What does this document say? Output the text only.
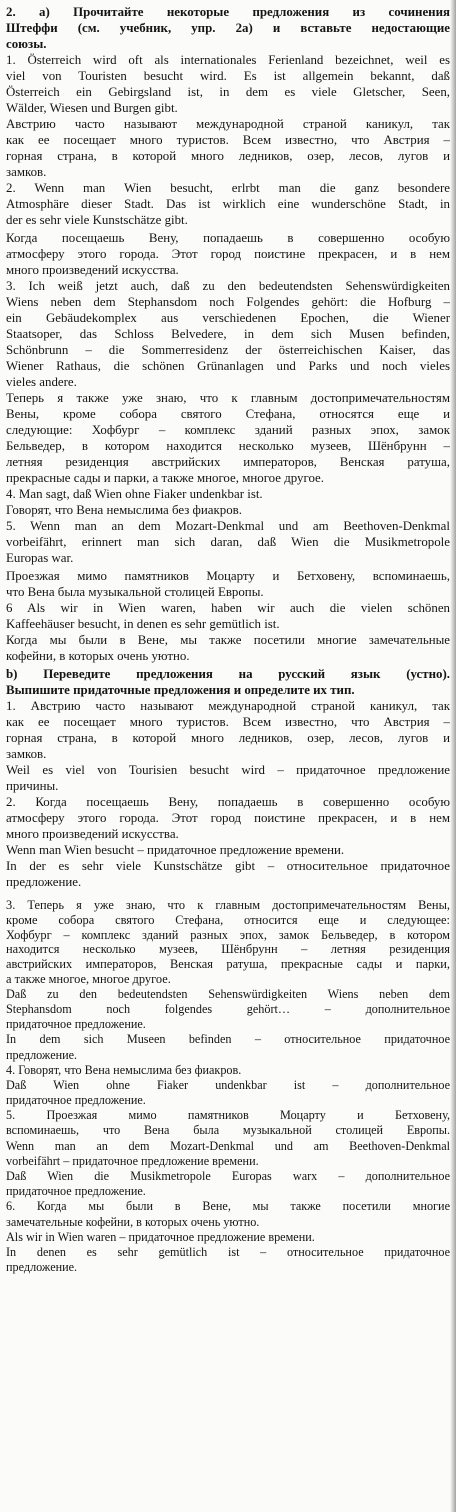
2. а) Прочитайте некоторые предложения из сочинения
Штеффи (см. учебник, упр. 2а) и вставьте недостающие
союзы.
1. Österreich wird oft als internationales Ferienland bezeichnet, weil es
viel von Touristen besucht wird. Es ist allgemein bekannt, daß
Österreich ein Gebirgsland ist, in dem es viele Gletscher, Seen,
Wälder, Wiesen und Burgen gibt.
Австрию часто называют международной страной каникул, так
как ее посещает много туристов. Всем известно, что Австрия –
горная страна, в которой много ледников, озер, лесов, лугов и
замков.
2. Wenn man Wien besucht, erlrbt man die ganz besondere
Atmosphäre dieser Stadt. Das ist wirklich eine wunderschöne Stadt, in
der es sehr viele Kunstschätze gibt.
Когда посещаешь Вену, попадаешь в совершенно особую
атмосферу этого города. Этот город поистине прекрасен, и в нем
много произведений искусства.
3. Ich weiß jetzt auch, daß zu den bedeutendsten Sehenswürdigkeiten
Wiens neben dem Stephansdom noch Folgendes gehört: die Hofburg –
ein Gebäudekomplex aus verschiedenen Epochen, die Wiener
Staatsoper, das Schloss Belvedere, in dem sich Musen befinden,
Schönbrunn – die Sommerresidenz der österreichischen Kaiser, das
Wiener Rathaus, die schönen Grünanlagen und Parks und noch vieles
vieles andere.
Теперь я также уже знаю, что к главным достопримечательностям
Вены, кроме собора святого Стефана, относятся еще и
следующие: Хофбург – комплекс зданий разных эпох, замок
Бельведер, в котором находится несколько музеев, Шёнбрунн –
летняя резиденция австрийских императоров, Венская ратуша,
прекрасные сады и парки, а также многое, многое другое.
4. Man sagt, daß Wien ohne Fiaker undenkbar ist.
Говорят, что Вена немыслима без фиакров.
5. Wenn man an dem Mozart-Denkmal und am Beethoven-Denkmal
vorbeifährt, erinnert man sich daran, daß Wien die Musikmetropole
Europas war.
Проезжая мимо памятников Моцарту и Бетховену, вспоминаешь,
что Вена была музыкальной столицей Европы.
6 Als wir in Wien waren, haben wir auch die vielen schönen
Kaffeehäuser besucht, in denen es sehr gemütlich ist.
Когда мы были в Вене, мы также посетили многие замечательные
кофейни, в которых очень уютно.
b) Переведите предложения на русский язык (устно).
Выпишите придаточные предложения и определите их тип.
1. Австрию часто называют международной страной каникул, так
как ее посещает много туристов. Всем известно, что Австрия –
горная страна, в которой много ледников, озер, лесов, лугов и
замков.
Weil es viel von Tourisien besucht wird – придаточное предложение
причины.
2. Когда посещаешь Вену, попадаешь в совершенно особую
атмосферу этого города. Этот город поистине прекрасен, и в нем
много произведений искусства.
Wenn man Wien besucht – придаточное предложение времени.
In der es sehr viele Kunstschätze gibt – относительное придаточное
предложение.
3. Теперь я уже знаю, что к главным достопримечательностям Вены,
кроме собора святого Стефана, относится еще и следующее:
Хофбург – комплекс зданий разных эпох, замок Бельведер, в котором
находится несколько музеев, Шёнбрунн – летняя резиденция
австрийских императоров, Венская ратуша, прекрасные сады и парки,
а также многое, многое другое.
Daß zu den bedeutendsten Sehenswürdigkeiten Wiens neben dem
Stephansdom noch folgendes gehört… – дополнительное
придаточное предложение.
In dem sich Museen befinden – относительное придаточное
предложение.
4. Говорят, что Вена немыслима без фиакров.
Daß Wien ohne Fiaker undenkbar ist – дополнительное
придаточное предложение.
5. Проезжая мимо памятников Моцарту и Бетховену,
вспоминаешь, что Вена была музыкальной столицей Европы.
Wenn man an dem Mozart-Denkmal und am Beethoven-Denkmal
vorbeifährt – придаточное предложение времени.
Daß Wien die Musikmetropole Europas warx – дополнительное
придаточное предложение.
6. Когда мы были в Вене, мы также посетили многие
замечательные кофейни, в которых очень уютно.
Als wir in Wien waren – придаточное предложение времени.
In denen es sehr gemütlich ist – относительное придаточное
предложение.
